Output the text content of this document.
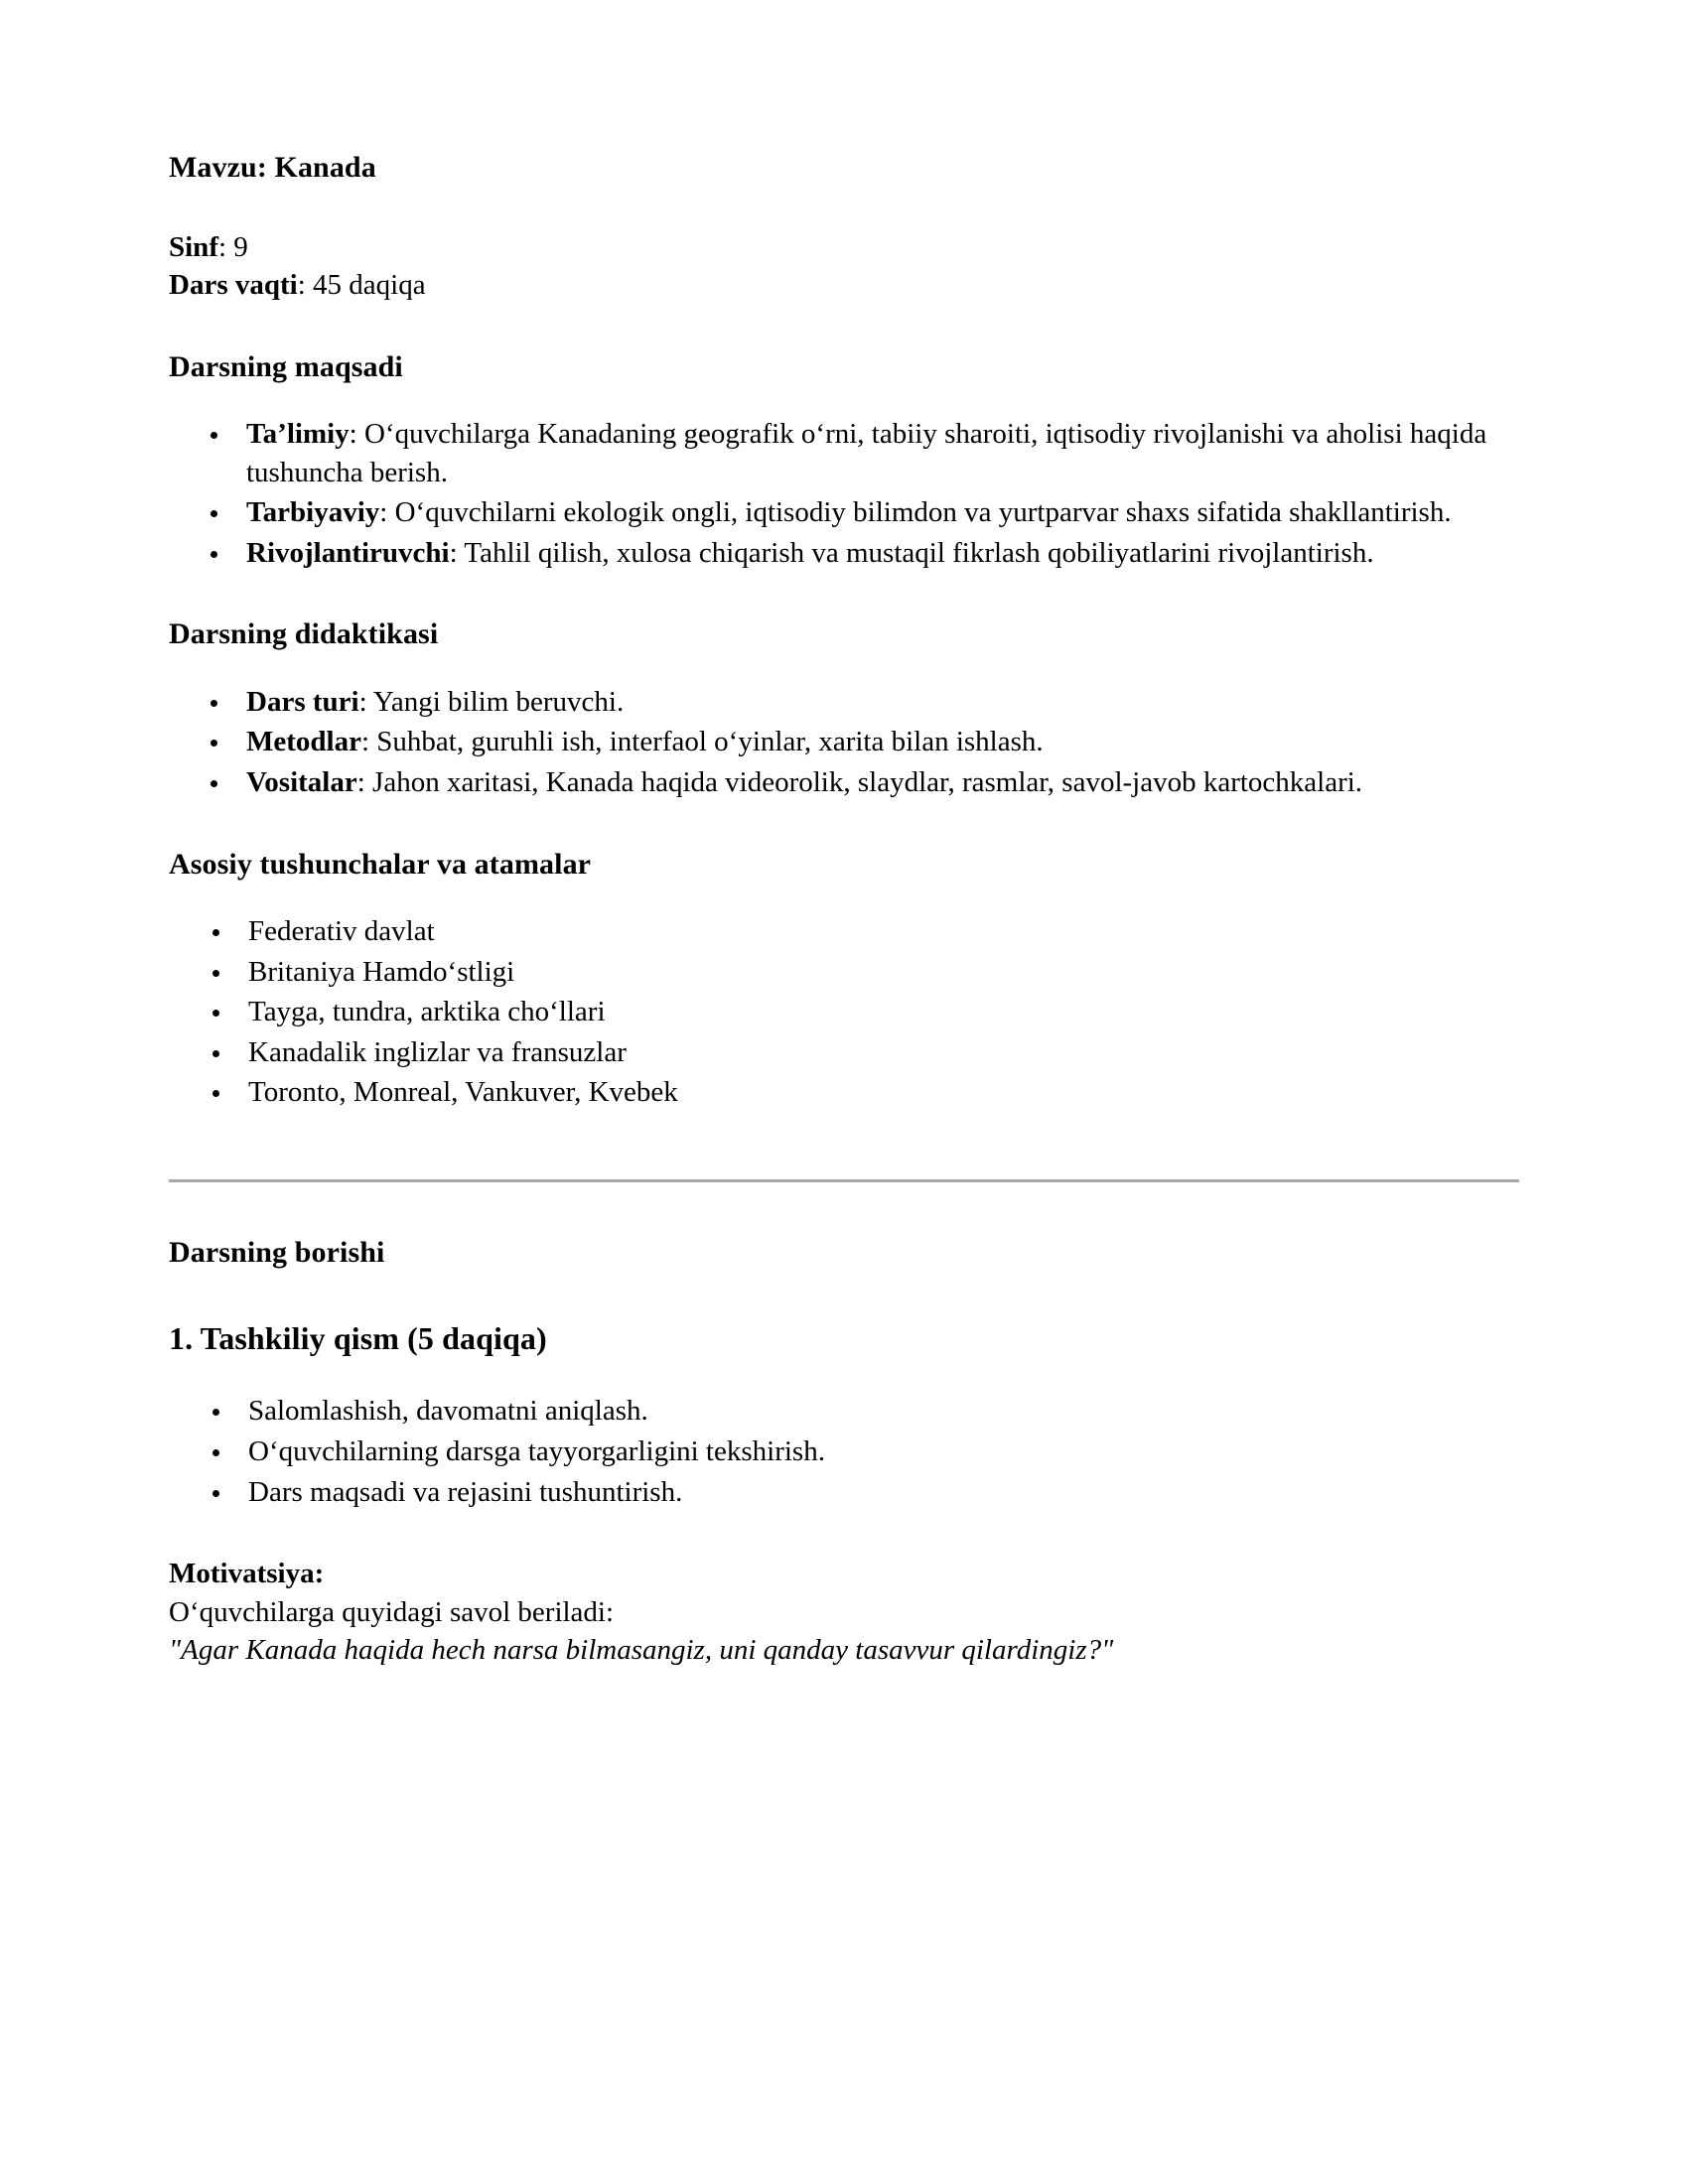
Mavzu: Kanada
Sinf: 9
Dars vaqti: 45 daqiqa
Darsning maqsadi
Ta’limiy: O‘quvchilarga Kanadaning geografik o‘rni, tabiiy sharoiti, iqtisodiy rivojlanishi va aholisi haqida tushuncha berish.
Tarbiyaviy: O‘quvchilarni ekologik ongli, iqtisodiy bilimdon va yurtparvar shaxs sifatida shakllantirish.
Rivojlantiruvchi: Tahlil qilish, xulosa chiqarish va mustaqil fikrlash qobiliyatlarini rivojlantirish.
Darsning didaktikasi
Dars turi: Yangi bilim beruvchi.
Metodlar: Suhbat, guruhli ish, interfaol o‘yinlar, xarita bilan ishlash.
Vositalar: Jahon xaritasi, Kanada haqida videorolik, slaydlar, rasmlar, savol-javob kartochkalari.
Asosiy tushunchalar va atamalar
Federativ davlat
Britaniya Hamdo‘stligi
Tayga, tundra, arktika cho‘llari
Kanadalik inglizlar va fransuzlar
Toronto, Monreal, Vankuver, Kvebek
Darsning borishi
1. Tashkiliy qism (5 daqiqa)
Salomlashish, davomatni aniqlash.
O‘quvchilarning darsga tayyorgarligini tekshirish.
Dars maqsadi va rejasini tushuntirish.
Motivatsiya:
O‘quvchilarga quyidagi savol beriladi:
"Agar Kanada haqida hech narsa bilmasangiz, uni qanday tasavvur qilardingiz?"
